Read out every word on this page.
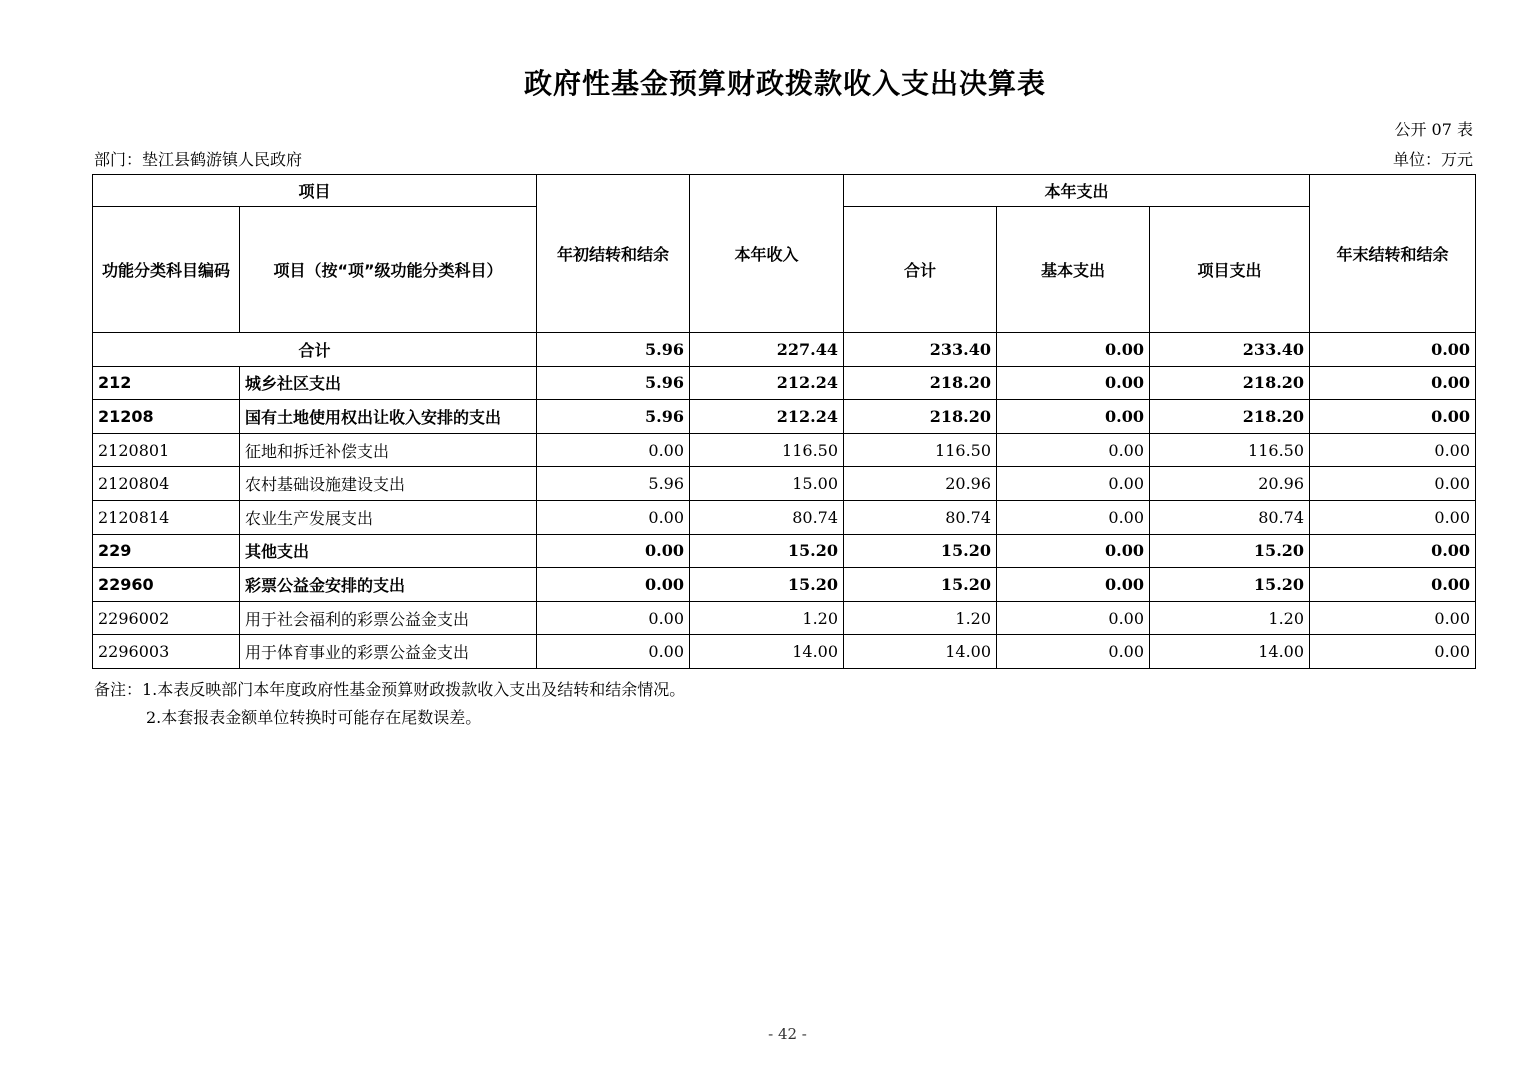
政府性基金预算财政拨款收入支出决算表
公开 07 表
部门：垫江县鹤游镇人民政府	单位：万元
项目		年初结转和结余	本年收入	本年支出			年末结转和结余
功能分类科目编码	项目（按“项”级功能分类科目）			合计	基本支出	项目支出	
合计		5.96	227.44	233.40	0.00	233.40	0.00
212	城乡社区支出	5.96	212.24	218.20	0.00	218.20	0.00
21208	国有土地使用权出让收入安排的支出	5.96	212.24	218.20	0.00	218.20	0.00
2120801	征地和拆迁补偿支出	0.00	116.50	116.50	0.00	116.50	0.00
2120804	农村基础设施建设支出	5.96	15.00	20.96	0.00	20.96	0.00
2120814	农业生产发展支出	0.00	80.74	80.74	0.00	80.74	0.00
229	其他支出	0.00	15.20	15.20	0.00	15.20	0.00
22960	彩票公益金安排的支出	0.00	15.20	15.20	0.00	15.20	0.00
2296002	用于社会福利的彩票公益金支出	0.00	1.20	1.20	0.00	1.20	0.00
2296003	用于体育事业的彩票公益金支出	0.00	14.00	14.00	0.00	14.00	0.00
备注：1.本表反映部门本年度政府性基金预算财政拨款收入支出及结转和结余情况。
2.本套报表金额单位转换时可能存在尾数误差。
- 42 -
